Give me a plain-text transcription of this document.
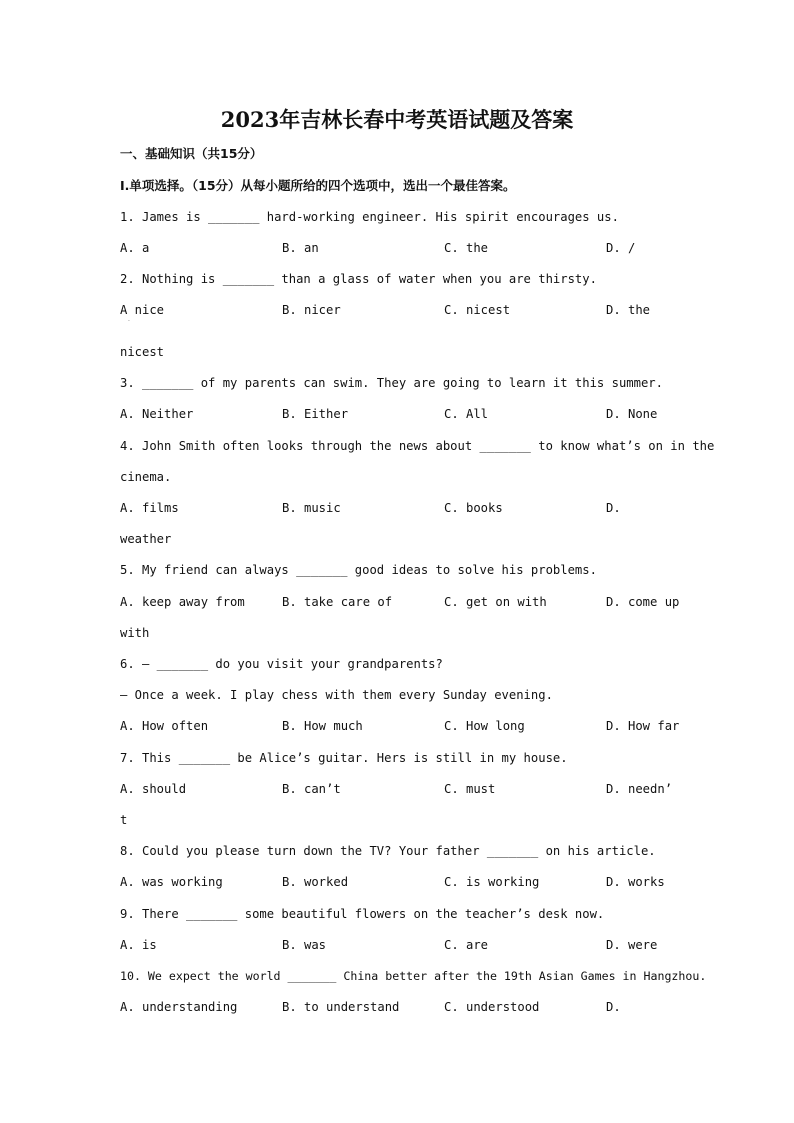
2023年吉林长春中考英语试题及答案
一、基础知识（共15分）
I.单项选择。（15分）从每小题所给的四个选项中，选出一个最佳答案。
1. James is _______ hard-working engineer. His spirit encourages us.
A. a	B. an	C. the	D. /
2. Nothing is _______ than a glass of water when you are thirsty.
A nice	B. nicer	C. nicest	D. the
·
nicest
3. _______ of my parents can swim. They are going to learn it this summer.
A. Neither	B. Either	C. All	D. None
4. John Smith often looks through the news about _______ to know what’s on in the
cinema.
A. films	B. music	C. books	D.
weather
5. My friend can always _______ good ideas to solve his problems.
A. keep away from	B. take care of	C. get on with	D. come up
with
6. — _______ do you visit your grandparents?
— Once a week. I play chess with them every Sunday evening.
A. How often	B. How much	C. How long	D. How far
7. This _______ be Alice’s guitar. Hers is still in my house.
A. should	B. can’t	C. must	D. needn’
t
8. Could you please turn down the TV? Your father _______ on his article.
A. was working	B. worked	C. is working	D. works
9. There _______ some beautiful flowers on the teacher’s desk now.
A. is	B. was	C. are	D. were
10. We expect the world _______ China better after the 19th Asian Games in Hangzhou.
A. understanding	B. to understand	C. understood	D.
